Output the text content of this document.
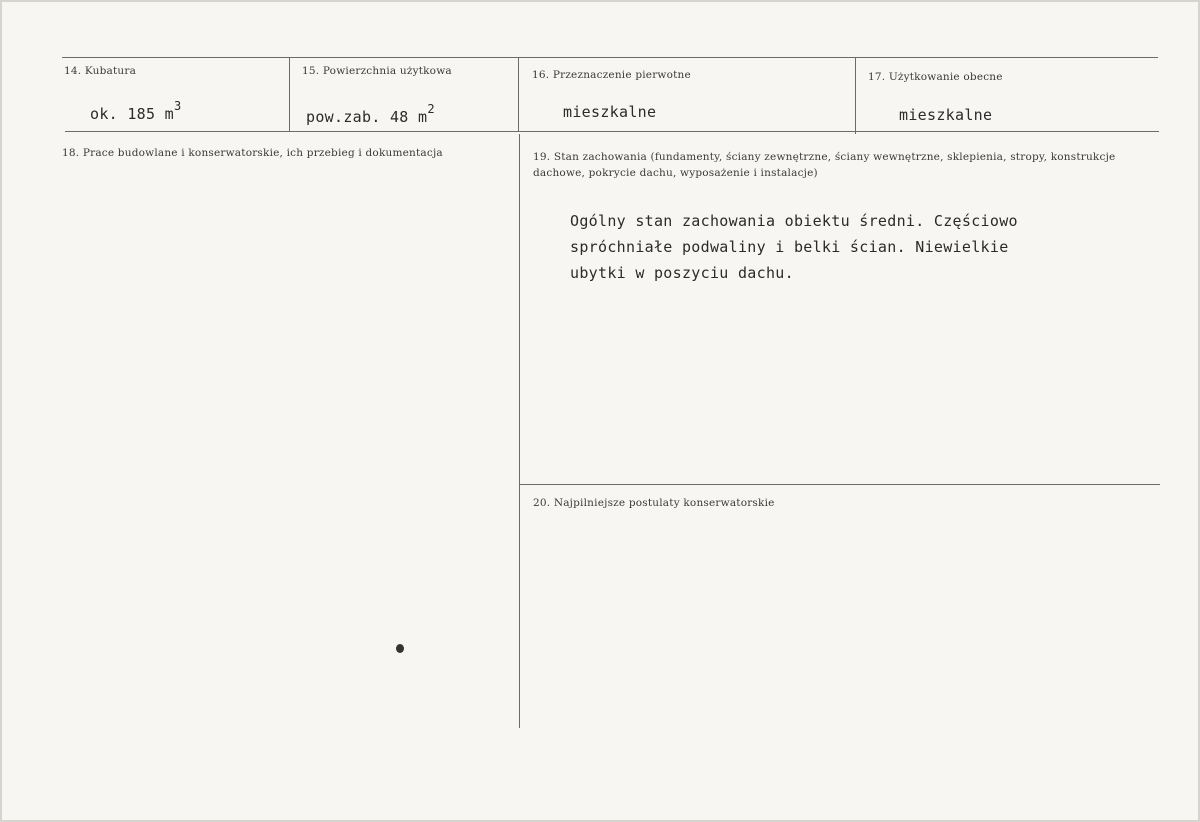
14. Kubatura
ok. 185 $m^3$
15. Powierzchnia użytkowa
pow.zab. 48 $m^2$
16. Przeznaczenie pierwotne
mieszkalne
17. Użytkowanie obecne
mieszkalne
18. Prace budowlane i konserwatorskie, ich przebieg i dokumentacja	19. Stan zachowania (fundamenty, ściany zewnętrzne, ściany wewnętrzne, sklepienia, stropy, konstrukcje dachowe, pokrycie dachu, wyposażenie i instalacje)
Ogólny stan zachowania obiektu średni. Częściowo spróchniałe podwaliny i belki ścian. Niewielkie ubytki w poszyciu dachu.
20. Najpilniejsze postulaty konserwatorskie
